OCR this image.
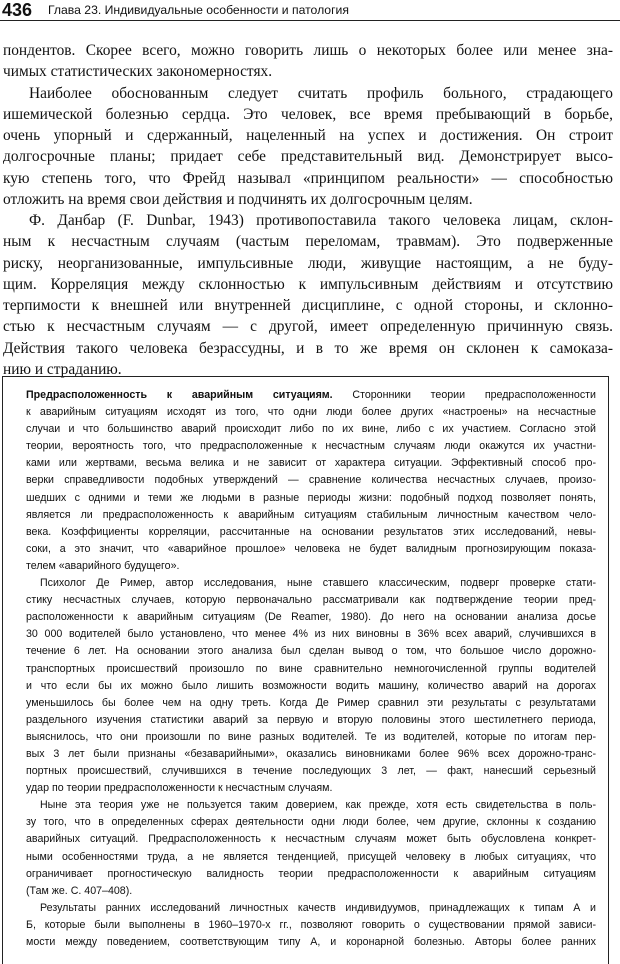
436 Глава 23. Индивидуальные особенности и патология
пондентов. Скорее всего, можно говорить лишь о некоторых более или менее зна-
чимых статистических закономерностях.
Наиболее обоснованным следует считать профиль больного, страдающего
ишемической болезнью сердца. Это человек, все время пребывающий в борьбе,
очень упорный и сдержанный, нацеленный на успех и достижения. Он строит
долгосрочные планы; придает себе представительный вид. Демонстрирует высо-
кую степень того, что Фрейд называл «принципом реальности» — способностью
отложить на время свои действия и подчинять их долгосрочным целям.
Ф. Данбар (F. Dunbar, 1943) противопоставила такого человека лицам, склон-
ным к несчастным случаям (частым переломам, травмам). Это подверженные
риску, неорганизованные, импульсивные люди, живущие настоящим, а не буду-
щим. Корреляция между склонностью к импульсивным действиям и отсутствию
терпимости к внешней или внутренней дисциплине, с одной стороны, и склонно-
стью к несчастным случаям — с другой, имеет определенную причинную связь.
Действия такого человека безрассудны, и в то же время он склонен к самоказа-
нию и страданию.
Предрасположенность к аварийным ситуациям. Сторонники теории предрасположенности
к аварийным ситуациям исходят из того, что одни люди более других «настроены» на несчастные
случаи и что большинство аварий происходит либо по их вине, либо с их участием. Согласно этой
теории, вероятность того, что предрасположенные к несчастным случаям люди окажутся их участни-
ками или жертвами, весьма велика и не зависит от характера ситуации. Эффективный способ про-
верки справедливости подобных утверждений — сравнение количества несчастных случаев, произо-
шедших с одними и теми же людьми в разные периоды жизни: подобный подход позволяет понять,
является ли предрасположенность к аварийным ситуациям стабильным личностным качеством чело-
века. Коэффициенты корреляции, рассчитанные на основании результатов этих исследований, невы-
соки, а это значит, что «аварийное прошлое» человека не будет валидным прогнозирующим показа-
телем «аварийного будущего».
Психолог Де Ример, автор исследования, ныне ставшего классическим, подверг проверке стати-
стику несчастных случаев, которую первоначально рассматривали как подтверждение теории пред-
расположенности к аварийным ситуациям (De Reamer, 1980). До него на основании анализа досье
30 000 водителей было установлено, что менее 4% из них виновны в 36% всех аварий, случившихся в
течение 6 лет. На основании этого анализа был сделан вывод о том, что большое число дорожно-
транспортных происшествий произошло по вине сравнительно немногочисленной группы водителей
и что если бы их можно было лишить возможности водить машину, количество аварий на дорогах
уменьшилось бы более чем на одну треть. Когда Де Ример сравнил эти результаты с результатами
раздельного изучения статистики аварий за первую и вторую половины этого шестилетнего периода,
выяснилось, что они произошли по вине разных водителей. Те из водителей, которые по итогам пер-
вых 3 лет были признаны «безаварийными», оказались виновниками более 96% всех дорожно-транс-
портных происшествий, случившихся в течение последующих 3 лет, — факт, нанесший серьезный
удар по теории предрасположенности к несчастным случаям.
Ныне эта теория уже не пользуется таким доверием, как прежде, хотя есть свидетельства в поль-
зу того, что в определенных сферах деятельности одни люди более, чем другие, склонны к созданию
аварийных ситуаций. Предрасположенность к несчастным случаям может быть обусловлена конкрет-
ными особенностями труда, а не является тенденцией, присущей человеку в любых ситуациях, что
ограничивает прогностическую валидность теории предрасположенности к аварийным ситуациям
(Там же. С. 407–408).
Результаты ранних исследований личностных качеств индивидуумов, принадлежащих к типам А и
Б, которые были выполнены в 1960–1970-х гг., позволяют говорить о существовании прямой зависи-
мости между поведением, соответствующим типу А, и коронарной болезнью. Авторы более ранних
